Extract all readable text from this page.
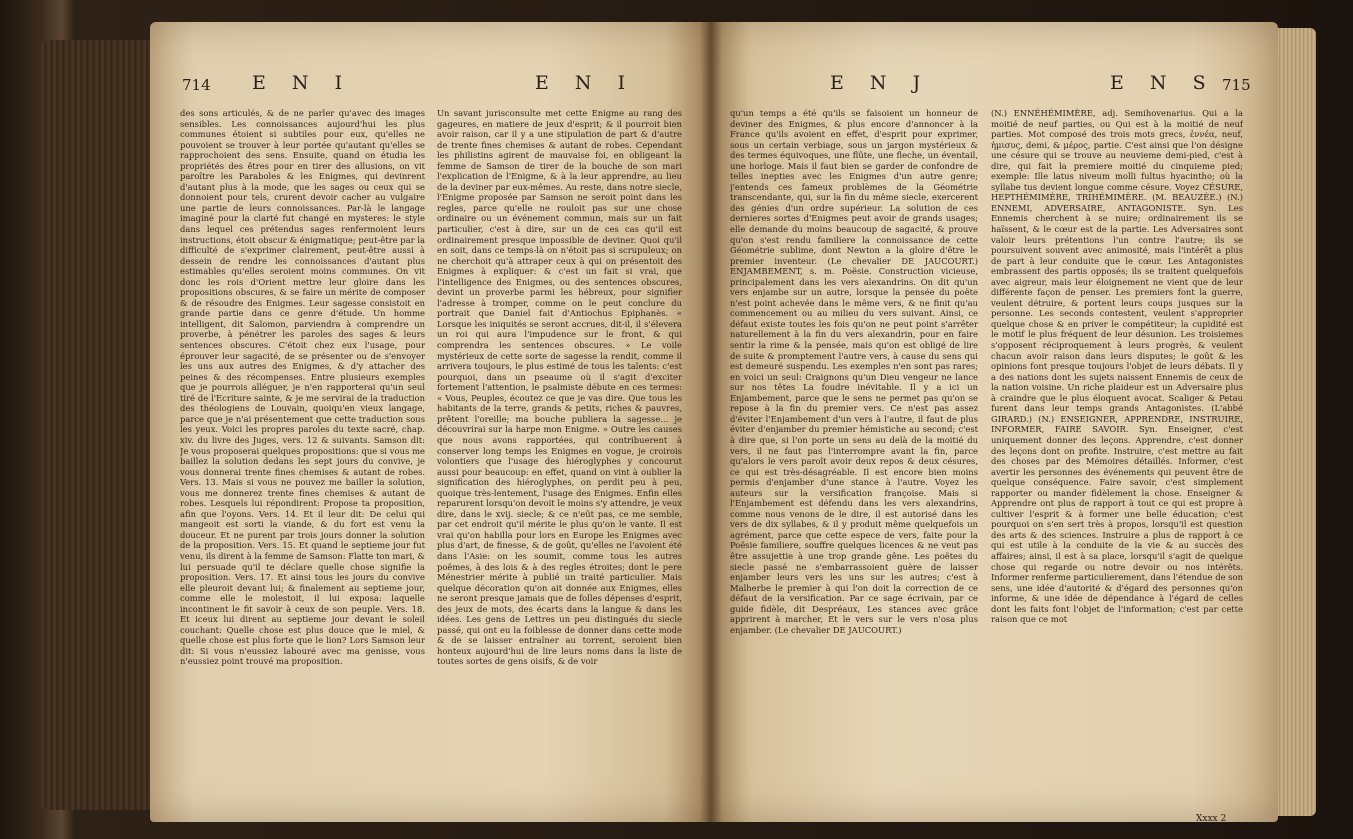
714 E N I	E N I

des sons articulés, & de ne parler qu'avec des images sensibles. Les connoissances aujourd'hui les plus communes étoient si subtiles pour eux, qu'elles ne pouvoient se trouver à leur portée qu'autant qu'elles se rapprochoient des sens. Ensuite, quand on étudia les propriétés des êtres pour en tirer des allusions, on vit paroître les Paraboles & les Enigmes, qui devinrent d'autant plus à la mode, que les sages ou ceux qui se donnoient pour tels, crurent devoir cacher au vulgaire une partie de leurs connoissances. Par-là le langage imaginé pour la clarté fut changé en mysteres: le style dans lequel ces prétendus sages renfermoient leurs instructions, étoit obscur & énigmatique; peut-être par la difficulté de s'exprimer clairement, peut-être aussi à dessein de rendre les connoissances d'autant plus estimables qu'elles seroient moins communes. On vit donc les rois d'Orient mettre leur gloire dans les propositions obscures, & se faire un mérite de composer & de résoudre des Enigmes. Leur sagesse consistoit en grande partie dans ce genre d'étude. Un homme intelligent, dit Salomon, parviendra à comprendre un proverbe, à pénétrer les paroles des sages & leurs sentences obscures. C'étoit chez eux l'usage, pour éprouver leur sagacité, de se présenter ou de s'envoyer les uns aux autres des Enigmes, & d'y attacher des peines & des récompenses. Entre plusieurs exemples que je pourrois alléguer, je n'en rapporterai qu'un seul tiré de l'Ecriture sainte, & je me servirai de la traduction des théologiens de Louvain, quoiqu'en vieux langage, parce que je n'ai présentement que cette traduction sous les yeux. Voici les propres paroles du texte sacré, chap. xiv. du livre des Juges, vers. 12 & suivants. Samson dit: Je vous proposerai quelques propositions: que si vous me baillez la solution dedans les sept jours du convive, je vous donnerai trente fines chemises & autant de robes. Vers. 13. Mais si vous ne pouvez me bailler la solution, vous me donnerez trente fines chemises & autant de robes. Lesquels lui répondirent: Propose ta proposition, afin que l'oyons. Vers. 14. Et il leur dit: De celui qui mangeoit est sorti la viande, & du fort est venu la douceur. Et ne purent par trois jours donner la solution de la proposition. Vers. 15. Et quand le septieme jour fut venu, ils dirent à la femme de Samson: Flatte ton mari, & lui persuade qu'il te déclare quelle chose signifie la proposition. Vers. 17. Et ainsi tous les jours du convive elle pleuroit devant lui; & finalement au septieme jour, comme elle le molestoit, il lui exposa: laquelle incontinent le fit savoir à ceux de son peuple. Vers. 18. Et iceux lui dirent au septieme jour devant le soleil couchant: Quelle chose est plus douce que le miel, & quelle chose est plus forte que le lion? Lors Samson leur dit: Si vous n'eussiez labouré avec ma genisse, vous n'eussiez point trouvé ma proposition.

Un savant jurisconsulte met cette Enigme au rang des gageures, en matiere de jeux d'esprit; & il pourroit bien avoir raison, car il y a une stipulation de part & d'autre de trente fines chemises & autant de robes. Cependant les philistins agirent de mauvaise foi, en obligeant la femme de Samson de tirer de la bouche de son mari l'explication de l'Enigme, & à la leur apprendre, au lieu de la deviner par eux-mêmes. Au reste, dans notre siecle, l'Enigme proposée par Samson ne seroit point dans les regles, parce qu'elle ne rouloit pas sur une chose ordinaire ou un événement commun, mais sur un fait particulier, c'est à dire, sur un de ces cas qu'il est ordinairement presque impossible de deviner. Quoi qu'il en soit, dans ce temps-là on n'étoit pas si scrupuleux; on ne cherchoit qu'à attraper ceux à qui on présentoit des Enigmes à expliquer: & c'est un fait si vrai, que l'intelligence des Enigmes, ou des sentences obscures, devint un proverbe parmi les hébreux, pour signifier l'adresse à tromper, comme on le peut conclure du portrait que Daniel fait d'Antiochus Epiphanès. « Lorsque les iniquités se seront accrues, dit-il, il s'élevera un roi qui aura l'impudence sur le front, & qui comprendra les sentences obscures. » Le voile mystérieux de cette sorte de sagesse la rendit, comme il arrivera toujours, le plus estimé de tous les talents: c'est pourquoi, dans un pseaume où il s'agit d'exciter fortement l'attention, le psalmiste débute en ces termes: « Vous, Peuples, écoutez ce que je vas dire. Que tous les habitants de la terre, grands & petits, riches & pauvres, prêtent l'oreille; ma bouche publiera la sagesse... je découvrirai sur la harpe mon Enigme. » Outre les causes que nous avons rapportées, qui contribuerent à conserver long temps les Enigmes en vogue, je croirois volontiers que l'usage des hiéroglyphes y concourut aussi pour beaucoup: en effet, quand on vint à oublier la signification des hiéroglyphes, on perdit peu à peu, quoique très-lentement, l'usage des Enigmes. Enfin elles reparurent lorsqu'on devoit le moins s'y attendre, je veux dire, dans le xvij. siecle; & ce n'eût pas, ce me semble, par cet endroit qu'il mérite le plus qu'on le vante. Il est vrai qu'on habilla pour lors en Europe les Enigmes avec plus d'art, de finesse, & de goût, qu'elles ne l'avoient été dans l'Asie: on les soumit, comme tous les autres poëmes, à des lois & à des regles étroites; dont le pere Ménestrier mérite à publié un traité particulier. Mais quelque décoration qu'on ait donnée aux Enigmes, elles ne seront presque jamais que de folles dépenses d'esprit, des jeux de mots, des écarts dans la langue & dans les idées. Les gens de Lettres un peu distingués du siecle passé, qui ont eu la foiblesse de donner dans cette mode & de se laisser entraîner au torrent, seroient bien honteux aujourd'hui de lire leurs noms dans la liste de toutes sortes de gens oisifs, & de voir

E N J	E N S 715

qu'un temps a été qu'ils se faisoient un honneur de deviner des Enigmes, & plus encore d'annoncer à la France qu'ils avoient en effet, d'esprit pour exprimer, sous un certain verbiage, sous un jargon mystérieux & des termes équivoques, une flûte, une fleche, un éventail, une horloge. Mais il faut bien se garder de confondre de telles inepties avec les Enigmes d'un autre genre; j'entends ces fameux problèmes de la Géométrie transcendante, qui, sur la fin du même siecle, exercerent des génies d'un ordre supérieur. La solution de ces dernieres sortes d'Enigmes peut avoir de grands usages; elle demande du moins beaucoup de sagacité, & prouve qu'on s'est rendu familiere la connoissance de cette Géométrie sublime, dont Newton a la gloire d'être le premier inventeur. (Le chevalier DE JAUCOURT.) ENJAMBEMENT, s. m. Poësie. Construction vicieuse, principalement dans les vers alexandrins. On dit qu'un vers enjambe sur un autre, lorsque la pensée du poëte n'est point achevée dans le même vers, & ne finit qu'au commencement ou au milieu du vers suivant. Ainsi, ce défaut existe toutes les fois qu'on ne peut point s'arrêter naturellement à la fin du vers alexandrin, pour en faire sentir la rime & la pensée, mais qu'on est obligé de lire de suite & promptement l'autre vers, à cause du sens qui est demeuré suspendu. Les exemples n'en sont pas rares; en voici un seul: Craignons qu'un Dieu vengeur ne lance sur nos têtes La foudre inévitable. Il y a ici un Enjambement, parce que le sens ne permet pas qu'on se repose à la fin du premier vers. Ce n'est pas assez d'éviter l'Enjambement d'un vers à l'autre, il faut de plus éviter d'enjamber du premier hémistiche au second; c'est à dire que, si l'on porte un sens au delà de la moitié du vers, il ne faut pas l'interrompre avant la fin, parce qu'alors le vers paroît avoir deux repos & deux césures, ce qui est très-désagréable. Il est encore bien moins permis d'enjamber d'une stance à l'autre. Voyez les auteurs sur la versification françoise. Mais si l'Enjambement est défendu dans les vers alexandrins, comme nous venons de le dire, il est autorisé dans les vers de dix syllabes, & il y produit même quelquefois un agrément, parce que cette espece de vers, faite pour la Poësie familiere, souffre quelques licences & ne veut pas être assujettie à une trop grande gêne. Les poëtes du siecle passé ne s'embarrassoient guère de laisser enjamber leurs vers les uns sur les autres; c'est à Malherbe le premier à qui l'on doit la correction de ce défaut de la versification. Par ce sage écrivain, par ce guide fidèle, dit Despréaux, Les stances avec grâce apprirent à marcher, Et le vers sur le vers n'osa plus enjamber. (Le chevalier DE JAUCOURT.)

(N.) ENNÉHÉMIMÈRE, adj. Semihovenarius. Qui a la moitié de neuf parties, ou Qui est à la moitié de neuf parties. Mot composé des trois mots grecs, ἐννέα, neuf, ἡμισυς, demi, & μέρος, partie. C'est ainsi que l'on désigne une césure qui se trouve au neuvieme demi-pied, c'est à dire, qui fait la premiere moitié du cinquieme pied; exemple: Ille latus niveum molli fultus hyacintho; où la syllabe tus devient longue comme césure. Voyez CÉSURE, HEPTHÉMIMÈRE, TRIHÉMIMÈRE. (M. BEAUZÉE.) (N.) ENNEMI, ADVERSAIRE, ANTAGONISTE. Syn. Les Ennemis cherchent à se nuire; ordinairement ils se haïssent, & le cœur est de la partie. Les Adversaires sont valoir leurs prétentions l'un contre l'autre; ils se poursuivent souvent avec animosité, mais l'intérêt a plus de part à leur conduite que le cœur. Les Antagonistes embrassent des partis opposés; ils se traitent quelquefois avec aigreur, mais leur éloignement ne vient que de leur différente façon de penser. Les premiers font la guerre, veulent détruire, & portent leurs coups jusques sur la personne. Les seconds contestent, veulent s'approprier quelque chose & en priver le compétiteur; la cupidité est le motif le plus fréquent de leur désunion. Les troisiemes s'opposent réciproquement à leurs progrès, & veulent chacun avoir raison dans leurs disputes; le goût & les opinions font presque toujours l'objet de leurs débats. Il y a des nations dont les sujets naissent Ennemis de ceux de la nation voisine. Un riche plaideur est un Adversaire plus à craindre que le plus éloquent avocat. Scaliger & Petau furent dans leur temps grands Antagonistes. (L'abbé GIRARD.) (N.) ENSEIGNER, APPRENDRE, INSTRUIRE, INFORMER, FAIRE SAVOIR. Syn. Enseigner, c'est uniquement donner des leçons. Apprendre, c'est donner des leçons dont on profite. Instruire, c'est mettre au fait des choses par des Mémoires détaillés. Informer, c'est avertir les personnes des événements qui peuvent être de quelque conséquence. Faire savoir, c'est simplement rapporter ou mander fidèlement la chose. Enseigner & Apprendre ont plus de rapport à tout ce qui est propre à cultiver l'esprit & à former une belle éducation; c'est pourquoi on s'en sert très à propos, lorsqu'il est question des arts & des sciences. Instruire a plus de rapport à ce qui est utile à la conduite de la vie & au succès des affaires; ainsi, il est à sa place, lorsqu'il s'agit de quelque chose qui regarde ou notre devoir ou nos intérêts. Informer renferme particulierement, dans l'étendue de son sens, une idée d'autorité & d'égard des personnes qu'on informe, & une idée de dépendance à l'égard de celles dont les faits font l'objet de l'information; c'est par cette raison que ce mot

Xxxx 2
